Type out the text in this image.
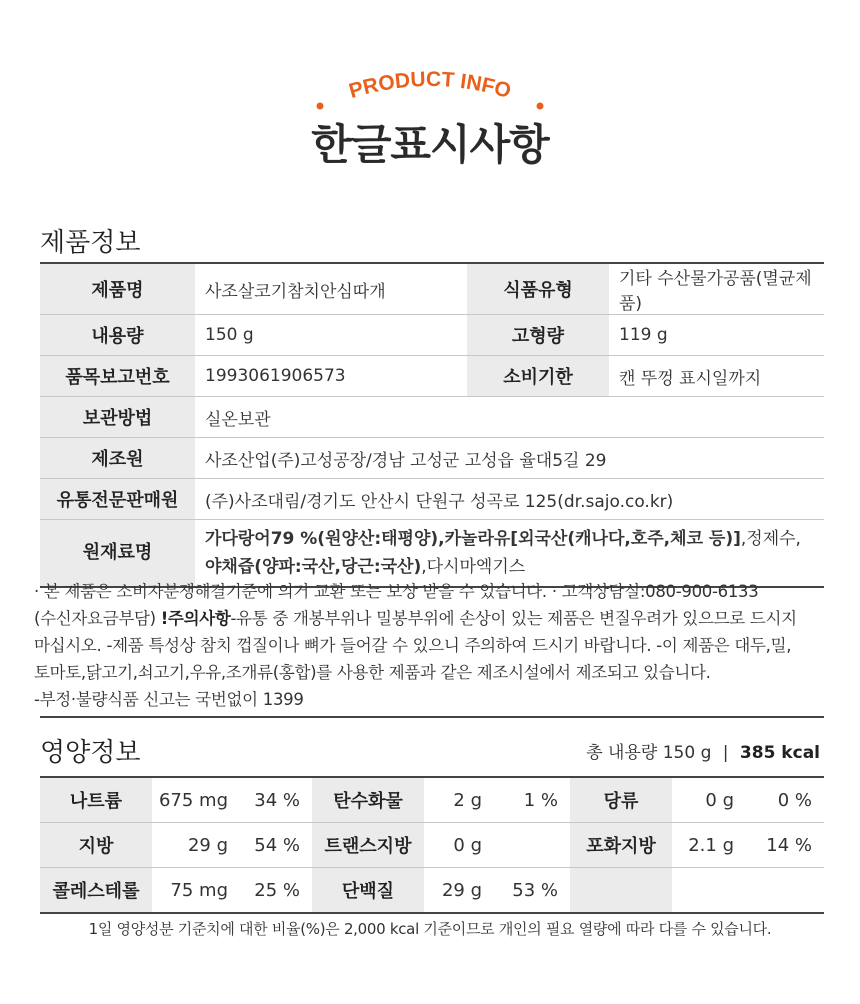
PRODUCT INFO
한글표시사항
제품정보
제품명	사조살코기참치안심따개	식품유형	기타 수산물가공품(멸균제품)
내용량	150 g	고형량	119 g
품목보고번호	1993061906573	소비기한	캔 뚜껑 표시일까지
보관방법	실온보관		
제조원	사조산업(주)고성공장/경남 고성군 고성읍 율대5길 29		
유통전문판매원	(주)사조대림/경기도 안산시 단원구 성곡로 125(dr.sajo.co.kr)		
원재료명	가다랑어79 %(원양산:태평양),카놀라유[외국산(캐나다,호주,체코 등)],정제수,
야채즙(양파:국산,당근:국산),다시마엑기스		
· 본 제품은 소비자분쟁해결기준에 의거 교환 또는 보상 받을 수 있습니다. · 고객상담실:080-900-6133
(수신자요금부담) !주의사항-유통 중 개봉부위나 밀봉부위에 손상이 있는 제품은 변질우려가 있으므로 드시지
마십시오. -제품 특성상 참치 껍질이나 뼈가 들어갈 수 있으니 주의하여 드시기 바랍니다. -이 제품은 대두,밀,
토마토,닭고기,쇠고기,우유,조개류(홍합)를 사용한 제품과 같은 제조시설에서 제조되고 있습니다.
-부정·불량식품 신고는 국번없이 1399
영양정보	총 내용량 150 g | 385 kcal
나트륨	675 mg	34 %	탄수화물	2 g	1 %	당류	0 g	0 %
지방	29 g	54 %	트랜스지방	0 g		포화지방	2.1 g	14 %
콜레스테롤	75 mg	25 %	단백질	29 g	53 %			
1일 영양성분 기준치에 대한 비율(%)은 2,000 kcal 기준이므로 개인의 필요 열량에 따라 다를 수 있습니다.
